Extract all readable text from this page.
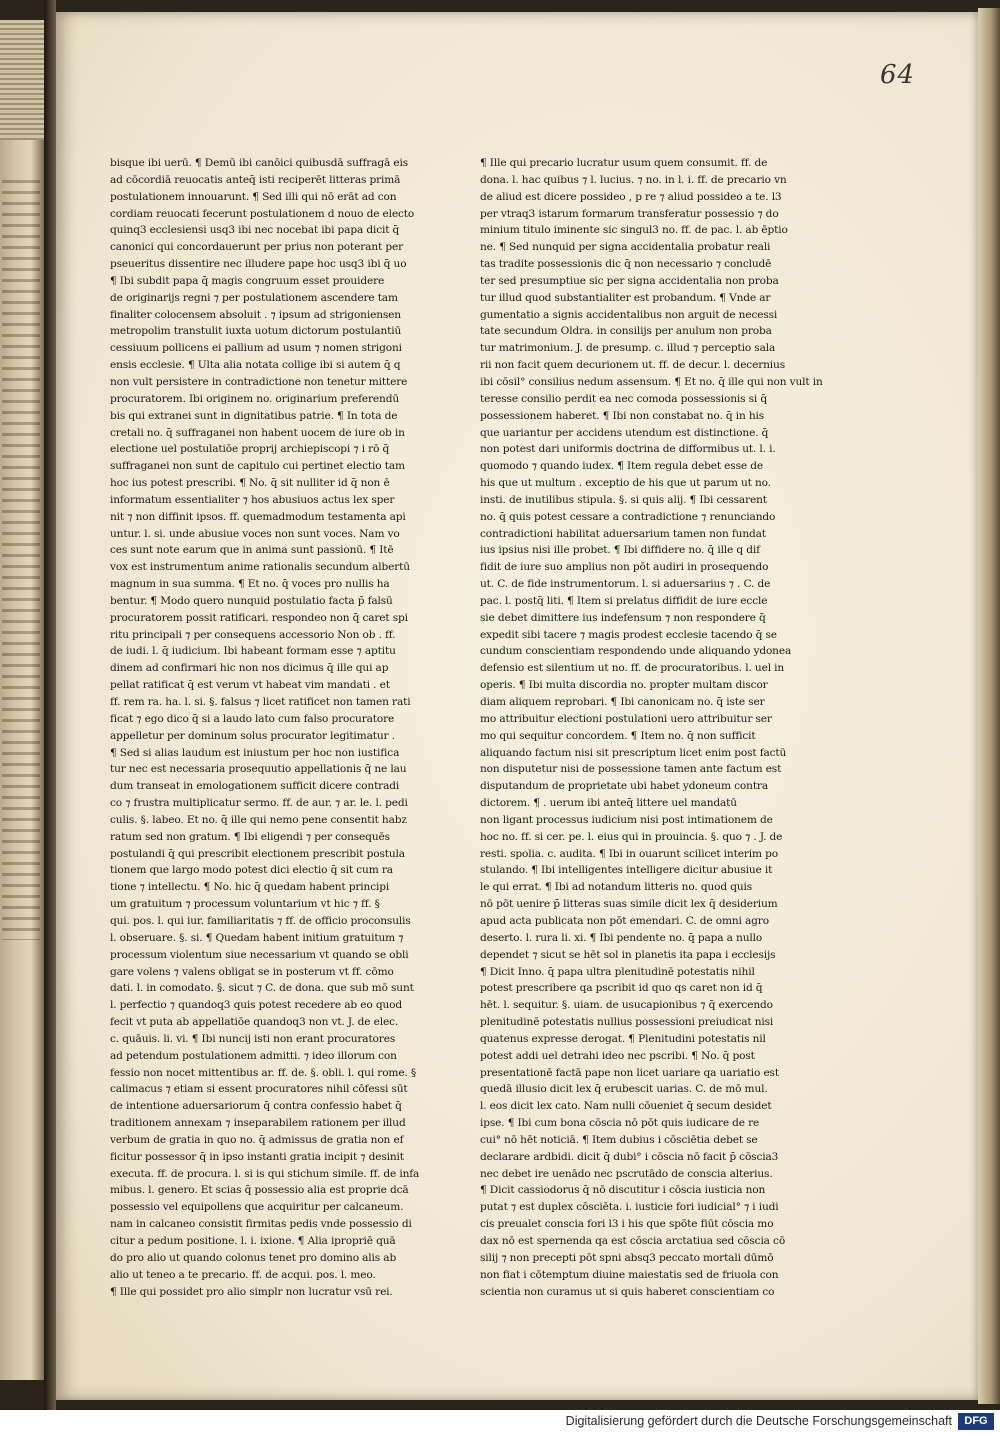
64
bisque ibi uerū. ¶ Demū ibi canōici quibusdā suffragā eis
ad cōcordiā reuocatis anteq̄ isti reciperēt litteras primā
postulationem innouarunt. ¶ Sed illi qui nō erāt ad con
cordiam reuocati fecerunt postulationem d nouo de electo
quinq3 ecclesiensi usq3 ibi nec nocebat ibi papa dicit q̄
canonici qui concordauerunt per prius non poterant per
pseueritus dissentire nec illudere pape hoc usq3 ibi q̄ uo
¶ Ibi subdit papa q̄ magis congruum esset prouidere
de originarijs regni ⁊ per postulationem ascendere tam
finaliter colocensem absoluit . ⁊ ipsum ad strigoniensen
metropolim transtulit iuxta uotum dictorum postulantiū
cessiuum pollicens ei pallium ad usum ⁊ nomen strigoni
ensis ecclesie. ¶ Ulta alia notata collige ibi si autem q̄ q
non vult persistere in contradictione non tenetur mittere
procuratorem. Ibi originem no. originarium preferendū
bis qui extranei sunt in dignitatibus patrie. ¶ In tota de
cretali no. q̄ suffraganei non habent uocem de iure ob in
electione uel postulatiōe proprij archiepiscopi ⁊ i rō q̄
suffraganei non sunt de capitulo cui pertinet electio tam
hoc ius potest prescribi. ¶ No. q̄ sit nulliter id q̄ non ē
informatum essentialiter ⁊ hos abusiuos actus lex sper
nit ⁊ non diffinit ipsos. ff. quemadmodum testamenta api
untur. l. si. unde abusiue voces non sunt voces. Nam vo
ces sunt note earum que in anima sunt passionū. ¶ Itē
vox est instrumentum anime rationalis secundum albertū
magnum in sua summa. ¶ Et no. q̄ voces pro nullis ha
bentur. ¶ Modo quero nunquid postulatio facta p̄ falsū
procuratorem possit ratificari. respondeo non q̄ caret spi
ritu principali ⁊ per consequens accessorio Non ob . ff.
de iudi. l. q̄ iudicium. Ibi habeant formam esse ⁊ aptitu
dinem ad confirmari hic non nos dicimus q̄ ille qui ap
pellat ratificat q̄ est verum vt habeat vim mandati . et
ff. rem ra. ha. l. si. §. falsus ⁊ licet ratificet non tamen rati
ficat ⁊ ego dico q̄ si a laudo lato cum falso procuratore
appelletur per dominum solus procurator legitimatur .
¶ Sed si alias laudum est iniustum per hoc non iustifica
tur nec est necessaria prosequutio appellationis q̄ ne lau
dum transeat in emologationem sufficit dicere contradi
co ⁊ frustra multiplicatur sermo. ff. de aur. ⁊ ar. le. l. pedi
culis. §. labeo. Et no. q̄ ille qui nemo pene consentit habz
ratum sed non gratum. ¶ Ibi eligendi ⁊ per consequēs
postulandi q̄ qui prescribit electionem prescribit postula
tionem que largo modo potest dici electio q̄ sit cum ra
tione ⁊ intellectu. ¶ No. hic q̄ quedam habent principi
um gratuitum ⁊ processum voluntarium vt hic ⁊ ff. §
qui. pos. l. qui iur. familiaritatis ⁊ ff. de officio proconsulis
l. obseruare. §. si. ¶ Quedam habent initium gratuitum ⁊
processum violentum siue necessarium vt quando se obli
gare volens ⁊ valens obligat se in posterum vt ff. cōmo
dati. l. in comodato. §. sicut ⁊ C. de dona. que sub mō sunt
l. perfectio ⁊ quandoq3 quis potest recedere ab eo quod
fecit vt puta ab appellatiōe quandoq3 non vt. J. de elec.
c. quāuis. li. vi. ¶ Ibi nuncij isti non erant procuratores
ad petendum postulationem admitti. ⁊ ideo illorum con
fessio non nocet mittentibus ar. ff. de. §. obli. l. qui rome. §
calimacus ⁊ etiam si essent procuratores nihil cōfessi sūt
de intentione aduersariorum q̄ contra confessio habet q̄
traditionem annexam ⁊ inseparabilem rationem per illud
verbum de gratia in quo no. q̄ admissus de gratia non ef
ficitur possessor q̄ in ipso instanti gratia incipit ⁊ desinit
executa. ff. de procura. l. si is qui stichum simile. ff. de infa
mibus. l. genero. Et scias q̄ possessio alia est proprie dcā
possessio vel equipollens que acquiritur per calcaneum.
nam in calcaneo consistit firmitas pedis vnde possessio di
citur a pedum positione. l. i. ixione. ¶ Alia ipropriē quā
do pro alio ut quando colonus tenet pro domino alis ab
alio ut teneo a te precario. ff. de acqui. pos. l. meo.
¶ Ille qui possidet pro alio simplr non lucratur vsū rei.
¶ Ille qui precario lucratur usum quem consumit. ff. de
dona. l. hac quibus ⁊ l. lucius. ⁊ no. in l. i. ff. de precario vn
de aliud est dicere possideo , p re ⁊ aliud possideo a te. l3
per vtraq3 istarum formarum transferatur possessio ⁊ do
minium titulo iminente sic singul3 no. ff. de pac. l. ab ēptio
ne. ¶ Sed nunquid per signa accidentalia probatur reali
tas tradite possessionis dic q̄ non necessario ⁊ concludē
ter sed presumptiue sic per signa accidentalia non proba
tur illud quod substantialiter est probandum. ¶ Vnde ar
gumentatio a signis accidentalibus non arguit de necessi
tate secundum Oldra. in consilijs per anulum non proba
tur matrimonium. J. de presump. c. illud ⁊ perceptio sala
rii non facit quem decurionem ut. ff. de decur. l. decernius
ibi cōsil° consilius nedum assensum. ¶ Et no. q̄ ille qui non vult in
teresse consilio perdit ea nec comoda possessionis si q̄
possessionem haberet. ¶ Ibi non constabat no. q̄ in his
que uariantur per accidens utendum est distinctione. q̄
non potest dari uniformis doctrina de difformibus ut. l. i.
quomodo ⁊ quando iudex. ¶ Item regula debet esse de
his que ut multum . exceptio de his que ut parum ut no.
insti. de inutilibus stipula. §. si quis alij. ¶ Ibi cessarent
no. q̄ quis potest cessare a contradictione ⁊ renunciando
contradictioni habilitat aduersarium tamen non fundat
ius ipsius nisi ille probet. ¶ Ibi diffidere no. q̄ ille q dif
fidit de iure suo amplius non pōt audiri in prosequendo
ut. C. de fide instrumentorum. l. si aduersarius ⁊ . C. de
pac. l. postq̄ liti. ¶ Item si prelatus diffidit de iure eccle
sie debet dimittere ius indefensum ⁊ non respondere q̄
expedit sibi tacere ⁊ magis prodest ecclesie tacendo q̄ se
cundum conscientiam respondendo unde aliquando ydonea
defensio est silentium ut no. ff. de procuratoribus. l. uel in
operis. ¶ Ibi multa discordia no. propter multam discor
diam aliquem reprobari. ¶ Ibi canonicam no. q̄ iste ser
mo attribuitur electioni postulationi uero attribuitur ser
mo qui sequitur concordem. ¶ Item no. q̄ non sufficit
aliquando factum nisi sit prescriptum licet enim post factū
non disputetur nisi de possessione tamen ante factum est
disputandum de proprietate ubi habet ydoneum contra
dictorem. ¶ . uerum ibi anteq̄ littere uel mandatū
non ligant processus iudicium nisi post intimationem de
hoc no. ff. si cer. pe. l. eius qui in prouincia. §. quo ⁊ . J. de
resti. spolia. c. audita. ¶ Ibi in ouarunt scilicet interim po
stulando. ¶ Ibi intelligentes intelligere dicitur abusiue it
le qui errat. ¶ Ibi ad notandum litteris no. quod quis
nō pōt uenire p̄ litteras suas simile dicit lex q̄ desiderium
apud acta publicata non pōt emendari. C. de omni agro
deserto. l. rura li. xi. ¶ Ibi pendente no. q̄ papa a nullo
dependet ⁊ sicut se hēt sol in planetis ita papa i ecclesijs
¶ Dicit Inno. q̄ papa ultra plenitudinē potestatis nihil
potest prescribere qa pscribit id quo qs caret non id q̄
hēt. l. sequitur. §. uiam. de usucapionibus ⁊ q̄ exercendo
plenitudinē potestatis nullius possessioni preiudicat nisi
quatenus expresse derogat. ¶ Plenitudini potestatis nil
potest addi uel detrahi ideo nec pscribi. ¶ No. q̄ post
presentationē factā pape non licet uariare qa uariatio est
quedā illusio dicit lex q̄ erubescit uarias. C. de mō mul.
l. eos dicit lex cato. Nam nulli cōueniet q̄ secum desidet
ipse. ¶ Ibi cum bona cōscia nō pōt quis iudicare de re
cui° nō hēt noticiā. ¶ Item dubius i cōsciētia debet se
declarare ardbidi. dicit q̄ dubi° i cōscia nō facit p̄ cōscia3
nec debet ire uenādo nec pscrutādo de conscia alterius.
¶ Dicit cassiodorus q̄ nō discutitur i cōscia iusticia non
putat ⁊ est duplex cōsciēta. i. iusticie fori iudicial° ⁊ i iudi
cis preualet conscia fori l3 i his que spōte fiūt cōscia mo
dax nō est spernenda qa est cōscia arctatiua sed cōscia cō
silij ⁊ non precepti pōt spni absq3 peccato mortali dūmō
non fiat i cōtemptum diuine maiestatis sed de friuola con
scientia non curamus ut si quis haberet conscientiam co
Digitalisierung gefördert durch die Deutsche Forschungsgemeinschaft	DFG
